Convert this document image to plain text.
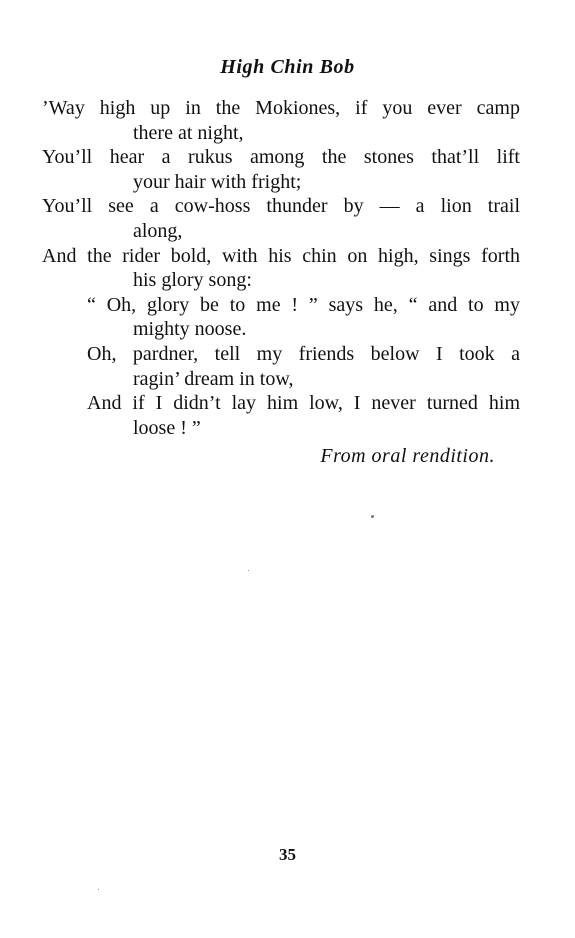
High Chin Bob
’Way high up in the Mokiones, if you ever camp
there at night,
You’ll hear a rukus among the stones that’ll lift
your hair with fright;
You’ll see a cow-hoss thunder by — a lion trail
along,
And the rider bold, with his chin on high, sings forth
his glory song:
“ Oh, glory be to me ! ” says he, “ and to my
mighty noose.
Oh, pardner, tell my friends below I took a
ragin’ dream in tow,
And if I didn’t lay him low, I never turned him
loose ! ”

From oral rendition.

35
